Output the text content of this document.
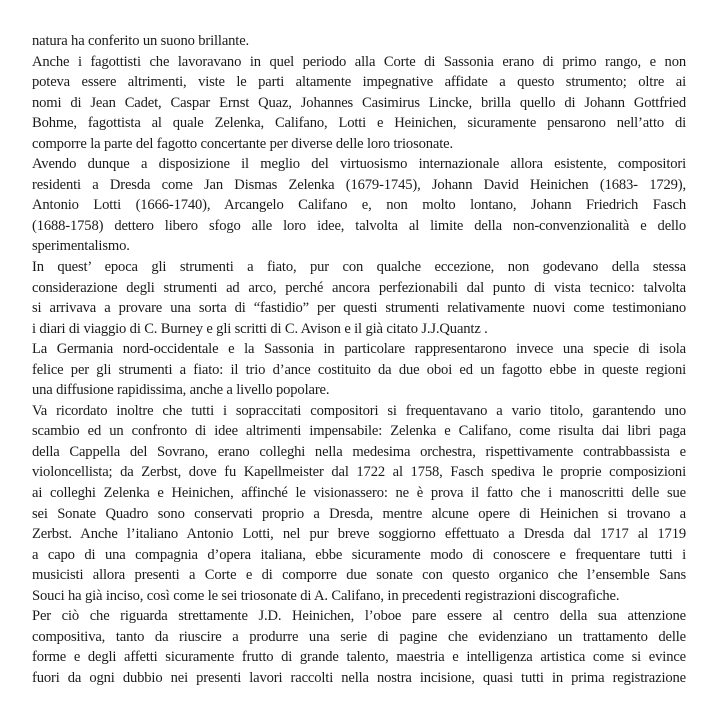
natura ha conferito un suono brillante.
Anche i fagottisti che lavoravano in quel periodo alla Corte di Sassonia erano di primo rango, e non
poteva essere altrimenti, viste le parti altamente impegnative affidate a questo strumento; oltre ai
nomi di Jean Cadet, Caspar Ernst Quaz, Johannes Casimirus Lincke, brilla quello di Johann Gottfried
Bohme, fagottista al quale Zelenka, Califano, Lotti e Heinichen, sicuramente pensarono nell’atto di
comporre la parte del fagotto concertante per diverse delle loro triosonate.
Avendo dunque a disposizione il meglio del virtuosismo internazionale allora esistente, compositori
residenti a Dresda come Jan Dismas Zelenka (1679-1745), Johann David Heinichen (1683- 1729),
Antonio Lotti (1666-1740), Arcangelo Califano e, non molto lontano, Johann Friedrich Fasch
(1688-1758) dettero libero sfogo alle loro idee, talvolta al limite della non-convenzionalità e dello
sperimentalismo.
In quest’ epoca gli strumenti a fiato, pur con qualche eccezione, non godevano della stessa
considerazione degli strumenti ad arco, perché ancora perfezionabili dal punto di vista tecnico: talvolta
si arrivava a provare una sorta di “fastidio” per questi strumenti relativamente nuovi come testimoniano
i diari di viaggio di C. Burney e gli scritti di C. Avison e il già citato J.J.Quantz .
La Germania nord-occidentale e la Sassonia in particolare rappresentarono invece una specie di isola
felice per gli strumenti a fiato: il trio d’ance costituito da due oboi ed un fagotto ebbe in queste regioni
una diffusione rapidissima, anche a livello popolare.
Va ricordato inoltre che tutti i sopraccitati compositori si frequentavano a vario titolo, garantendo uno
scambio ed un confronto di idee altrimenti impensabile: Zelenka e Califano, come risulta dai libri paga
della Cappella del Sovrano, erano colleghi nella medesima orchestra, rispettivamente contrabbassista e
violoncellista; da Zerbst, dove fu Kapellmeister dal 1722 al 1758, Fasch spediva le proprie composizioni
ai colleghi Zelenka e Heinichen, affinché le visionassero: ne è prova il fatto che i manoscritti delle sue
sei Sonate Quadro sono conservati proprio a Dresda, mentre alcune opere di Heinichen si trovano a
Zerbst. Anche l’italiano Antonio Lotti, nel pur breve soggiorno effettuato a Dresda dal 1717 al 1719
a capo di una compagnia d’opera italiana, ebbe sicuramente modo di conoscere e frequentare tutti i
musicisti allora presenti a Corte e di comporre due sonate con questo organico che l’ensemble Sans
Souci ha già inciso, così come le sei triosonate di A. Califano, in precedenti registrazioni discografiche.
Per ciò che riguarda strettamente J.D. Heinichen, l’oboe pare essere al centro della sua attenzione
compositiva, tanto da riuscire a produrre una serie di pagine che evidenziano un trattamento delle
forme e degli affetti sicuramente frutto di grande talento, maestria e intelligenza artistica come si evince
fuori da ogni dubbio nei presenti lavori raccolti nella nostra incisione, quasi tutti in prima registrazione
